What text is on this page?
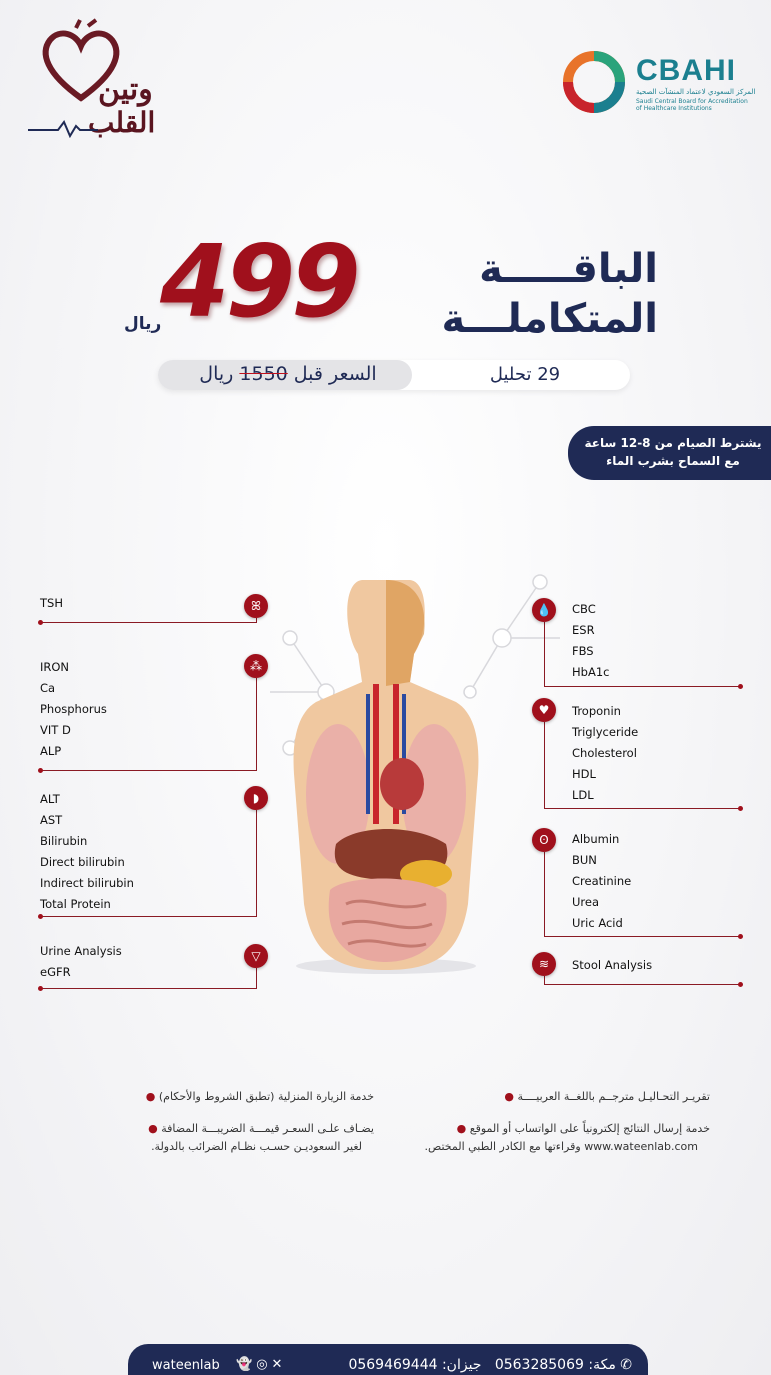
وتين
القلب
CBAHI
المركز السعودي لاعتماد المنشآت الصحية
Saudi Central Board for Accreditation
of Healthcare Institutions
499
ريال
الباقـــــة
المتكاملـــة
السعر قبل 1550 ريال	29 تحليل
يشترط الصيام من 8-12 ساعة
مع السماح بشرب الماء
TSH	ꕤ
IRON
Ca
Phosphorus
VIT D
ALP
⁂
ALT
AST
Bilirubin
Direct bilirubin
Indirect bilirubin
Total Protein
◗
Urine Analysis
eGFR
▽
CBC
ESR
FBS
HbA1c
💧
Troponin
Triglyceride
Cholesterol
HDL
LDL
♥
Albumin
BUN
Creatinine
Urea
Uric Acid
ʘ
Stool Analysis
≋
تقريـر التحـاليـل مترجــم باللغــة العربيــــة ●
خدمة إرسال النتائج إلكترونياً على الواتساب أو الموقع ●
www.wateenlab.com وقراءتها مع الكادر الطبي المختص.
خدمة الزيارة المنزلية (تطبق الشروط والأحكام) ●
يضـاف علـى السعـر قيمـــة الضريبـــة المضافة ●
لغير السعوديـن حسـب نظـام الضرائب بالدولة.
wateenlab 👻◎✕	✆ مكة: 0563285069   جيزان: 0569469444
